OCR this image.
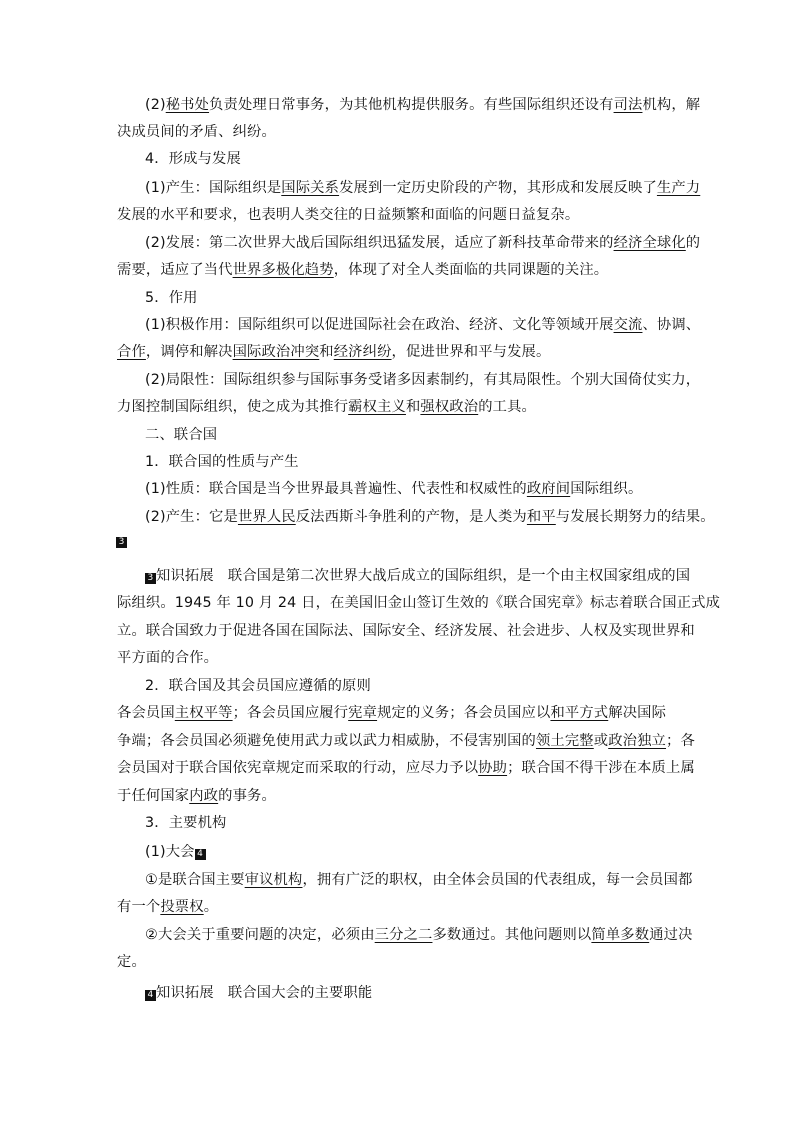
(2)秘书处负责处理日常事务，为其他机构提供服务。有些国际组织还设有司法机构，解
决成员间的矛盾、纠纷。
4．形成与发展
(1)产生：国际组织是国际关系发展到一定历史阶段的产物，其形成和发展反映了生产力
发展的水平和要求，也表明人类交往的日益频繁和面临的问题日益复杂。
(2)发展：第二次世界大战后国际组织迅猛发展，适应了新科技革命带来的经济全球化的
需要，适应了当代世界多极化趋势，体现了对全人类面临的共同课题的关注。
5．作用
(1)积极作用：国际组织可以促进国际社会在政治、经济、文化等领域开展交流、协调、
合作，调停和解决国际政治冲突和经济纠纷，促进世界和平与发展。
(2)局限性：国际组织参与国际事务受诸多因素制约，有其局限性。个别大国倚仗实力，
力图控制国际组织，使之成为其推行霸权主义和强权政治的工具。
二、联合国
1．联合国的性质与产生
(1)性质：联合国是当今世界最具普遍性、代表性和权威性的政府间国际组织。
(2)产生：它是世界人民反法西斯斗争胜利的产物，是人类为和平与发展长期努力的结果。
3
3 知识拓展 联合国是第二次世界大战后成立的国际组织，是一个由主权国家组成的国
际组织。1945 年 10 月 24 日，在美国旧金山签订生效的《联合国宪章》标志着联合国正式成
立。联合国致力于促进各国在国际法、国际安全、经济发展、社会进步、人权及实现世界和
平方面的合作。
2．联合国及其会员国应遵循的原则
各会员国主权平等；各会员国应履行宪章规定的义务；各会员国应以和平方式解决国际
争端；各会员国必须避免使用武力或以武力相威胁，不侵害别国的领土完整或政治独立；各
会员国对于联合国依宪章规定而采取的行动，应尽力予以协助；联合国不得干涉在本质上属
于任何国家内政的事务。
3．主要机构
(1)大会 4
①是联合国主要审议机构，拥有广泛的职权，由全体会员国的代表组成，每一会员国都
有一个投票权。
②大会关于重要问题的决定，必须由三分之二多数通过。其他问题则以简单多数通过决
定。
4 知识拓展 联合国大会的主要职能
